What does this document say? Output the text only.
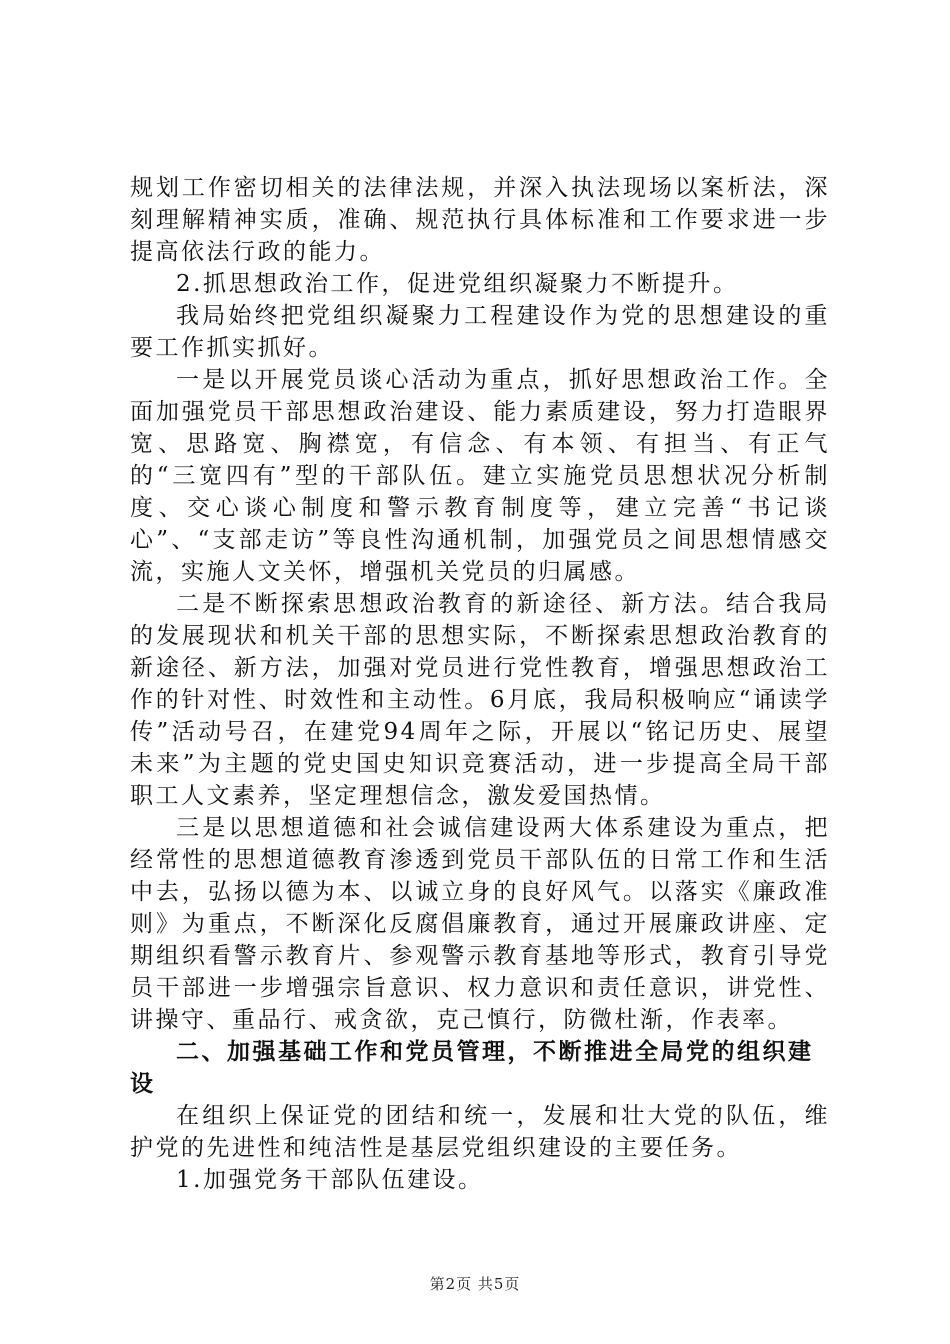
规划工作密切相关的法律法规，并深入执法现场以案析法，深刻理解精神实质，准确、规范执行具体标准和工作要求进一步提高依法行政的能力。

2.抓思想政治工作，促进党组织凝聚力不断提升。

我局始终把党组织凝聚力工程建设作为党的思想建设的重要工作抓实抓好。

一是以开展党员谈心活动为重点，抓好思想政治工作。全面加强党员干部思想政治建设、能力素质建设，努力打造眼界宽、思路宽、胸襟宽，有信念、有本领、有担当、有正气的“三宽四有”型的干部队伍。建立实施党员思想状况分析制度、交心谈心制度和警示教育制度等，建立完善“书记谈心”、“支部走访”等良性沟通机制，加强党员之间思想情感交流，实施人文关怀，增强机关党员的归属感。

二是不断探索思想政治教育的新途径、新方法。结合我局的发展现状和机关干部的思想实际，不断探索思想政治教育的新途径、新方法，加强对党员进行党性教育，增强思想政治工作的针对性、时效性和主动性。6月底，我局积极响应“诵读学传”活动号召，在建党94周年之际，开展以“铭记历史、展望未来”为主题的党史国史知识竞赛活动，进一步提高全局干部职工人文素养，坚定理想信念，激发爱国热情。

三是以思想道德和社会诚信建设两大体系建设为重点，把经常性的思想道德教育渗透到党员干部队伍的日常工作和生活中去，弘扬以德为本、以诚立身的良好风气。以落实《廉政准则》为重点，不断深化反腐倡廉教育，通过开展廉政讲座、定期组织看警示教育片、参观警示教育基地等形式，教育引导党员干部进一步增强宗旨意识、权力意识和责任意识，讲党性、讲操守、重品行、戒贪欲，克己慎行，防微杜渐，作表率。

二、加强基础工作和党员管理，不断推进全局党的组织建设

在组织上保证党的团结和统一，发展和壮大党的队伍，维护党的先进性和纯洁性是基层党组织建设的主要任务。

1.加强党务干部队伍建设。

第2页 共5页
